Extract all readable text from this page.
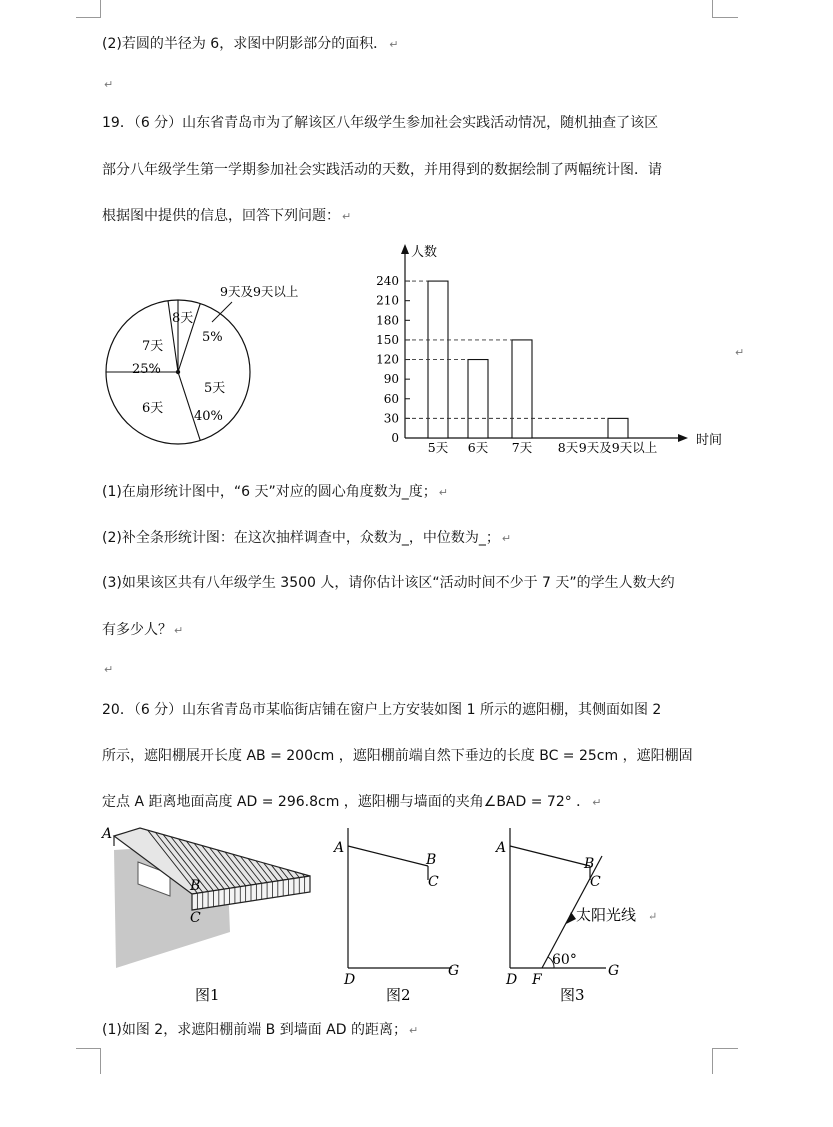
(2)若圆的半径为 6，求图中阴影部分的面积． ↵
↵
19．（6 分）山东省青岛市为了解该区八年级学生参加社会实践活动情况，随机抽查了该区
部分八年级学生第一学期参加社会实践活动的天数，并用得到的数据绘制了两幅统计图．请
根据图中提供的信息，回答下列问题： ↵
5天
40%
6天
7天
25%
8天
5%
9天及9天以上
人数
时间
0
30
60
90
120
150
180
210
240
5天 6天 7天 8天 9天及9天以上
↵
(1)在扇形统计图中，“6 天”对应的圆心角度数为_度； ↵
(2)补全条形统计图：在这次抽样调查中，众数为_，中位数为_； ↵
(3)如果该区共有八年级学生 3500 人，请你估计该区“活动时间不少于 7 天”的学生人数大约
有多少人？ ↵
↵
20．（6 分）山东省青岛市某临街店铺在窗户上方安装如图 1 所示的遮阳棚，其侧面如图 2
所示，遮阳棚展开长度 AB = 200cm ，遮阳棚前端自然下垂边的长度 BC = 25cm ，遮阳棚固
定点 A 距离地面高度 AD = 296.8cm ，遮阳棚与墙面的夹角∠BAD = 72° ． ↵
A
B
C
图1
A
B
C
D
G
图2
A
B
C
D F
G
60°
太阳光线 ↵
图3
(1)如图 2，求遮阳棚前端 B 到墙面 AD 的距离； ↵
